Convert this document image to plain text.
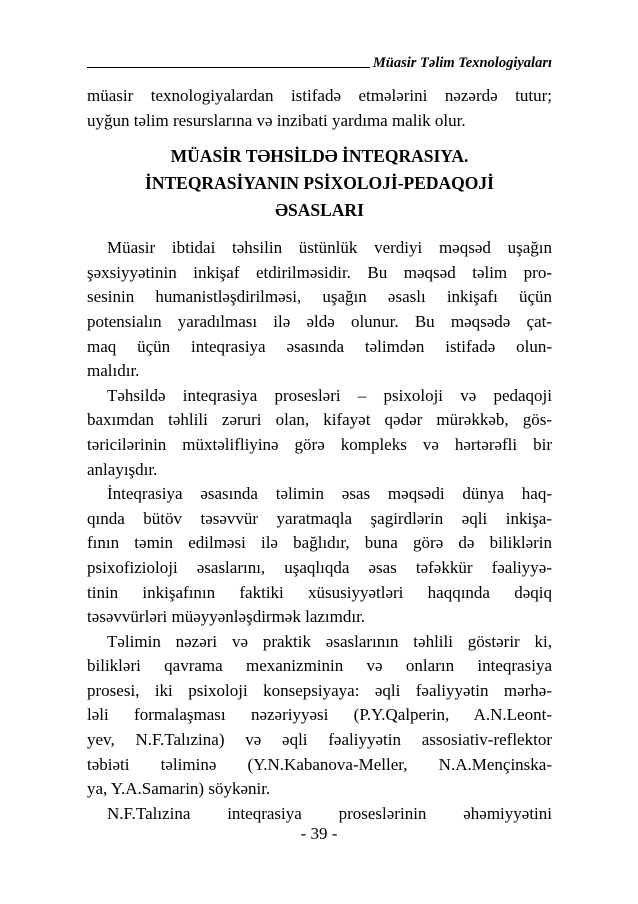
Müasir Təlim Texnologiyaları
müasir texnologiyalardan istifadə etmələrini nəzərdə tutur;
uyğun təlim resurslarına və inzibati yardıma malik olur.
MÜASİR TƏHSİLDƏ İNTEQRASIYA.
İNTEQRASİYANIN PSİXOLOJİ-PEDAQOJİ
ƏSASLARI
Müasir ibtidai təhsilin üstünlük verdiyi məqsəd uşağın
şəxsiyyətinin inkişaf etdirilməsidir. Bu məqsəd təlim pro-
sesinin humanistləşdirilməsi, uşağın əsaslı inkişafı üçün
potensialın yaradılması ilə əldə olunur. Bu məqsədə çat-
maq üçün inteqrasiya əsasında təlimdən istifadə olun-
malıdır.
Təhsildə inteqrasiya prosesləri – psixoloji və pedaqoji
baxımdan təhlili zəruri olan, kifayət qədər mürəkkəb, gös-
təricilərinin müxtəlifliyinə görə kompleks və hərtərəfli bir
anlayışdır.
İnteqrasiya əsasında təlimin əsas məqsədi dünya haq-
qında bütöv təsəvvür yaratmaqla şagirdlərin əqli inkişa-
fının təmin edilməsi ilə bağlıdır, buna görə də biliklərin
psixofizioloji əsaslarını, uşaqlıqda əsas təfəkkür fəaliyyə-
tinin inkişafının faktiki xüsusiyyətləri haqqında dəqiq
təsəvvürləri müəyyənləşdirmək lazımdır.
Təlimin nəzəri və praktik əsaslarının təhlili göstərir ki,
bilikləri qavrama mexanizminin və onların inteqrasiya
prosesi, iki psixoloji konsepsiyaya: əqli fəaliyyətin mərhə-
ləli formalaşması nəzəriyyəsi (P.Y.Qalperin, A.N.Leont-
yev, N.F.Talızina) və əqli fəaliyyətin assosiativ-reflektor
təbiəti təliminə (Y.N.Kabanova-Meller, N.A.Mençinska-
ya, Y.A.Samarin) söykənir.
N.F.Talızina inteqrasiya proseslərinin əhəmiyyətini
- 39 -
